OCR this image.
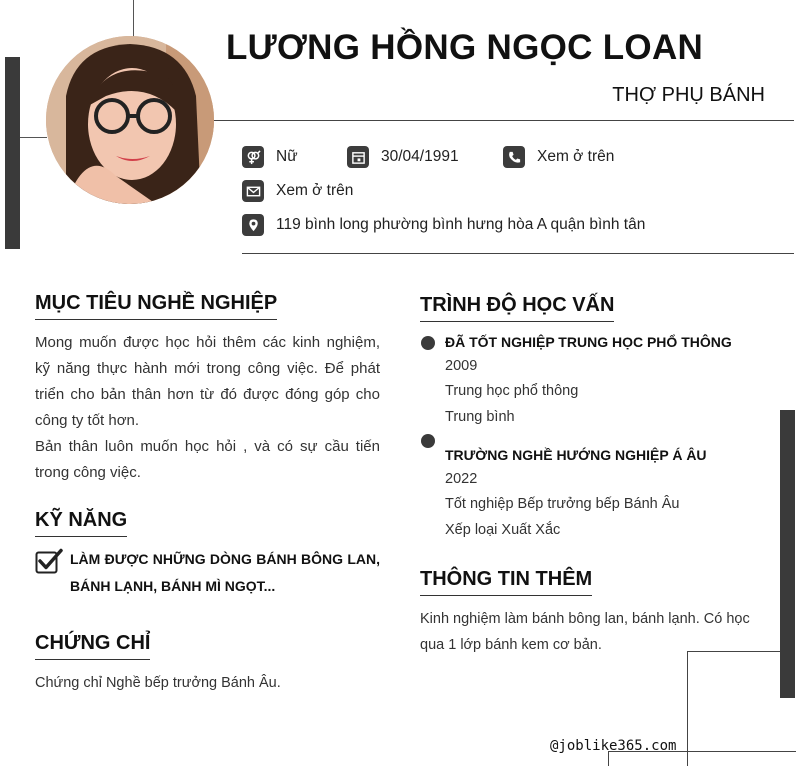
LƯƠNG HỒNG NGỌC LOAN
THỢ PHỤ BÁNH
Nữ	30/04/1991	Xem ở trên
Xem ở trên
119 bình long phường bình hưng hòa A quận bình tân
MỤC TIÊU NGHỀ NGHIỆP

Mong muốn được học hỏi thêm các kinh nghiệm, kỹ năng thực hành mới trong công việc. Để phát triển cho bản thân hơn từ đó được đóng góp cho công ty tốt hơn.

Bản thân luôn muốn học hỏi , và có sự cầu tiến trong công việc.

KỸ NĂNG
LÀM ĐƯỢC NHỮNG DÒNG BÁNH BÔNG LAN, BÁNH LẠNH, BÁNH MÌ NGỌT...
CHỨNG CHỈ
Chứng chỉ Nghề bếp trưởng Bánh Âu.
TRÌNH ĐỘ HỌC VẤN
ĐÃ TỐT NGHIỆP TRUNG HỌC PHỔ THÔNG
2009
Trung học phổ thông
Trung bình
TRƯỜNG NGHỀ HƯỚNG NGHIỆP Á ÂU
2022
Tốt nghiệp Bếp trưởng bếp Bánh Âu
Xếp loại Xuất Xắc
THÔNG TIN THÊM
Kinh nghiệm làm bánh bông lan, bánh lạnh. Có học qua 1 lớp bánh kem cơ bản.
@joblike365.com
